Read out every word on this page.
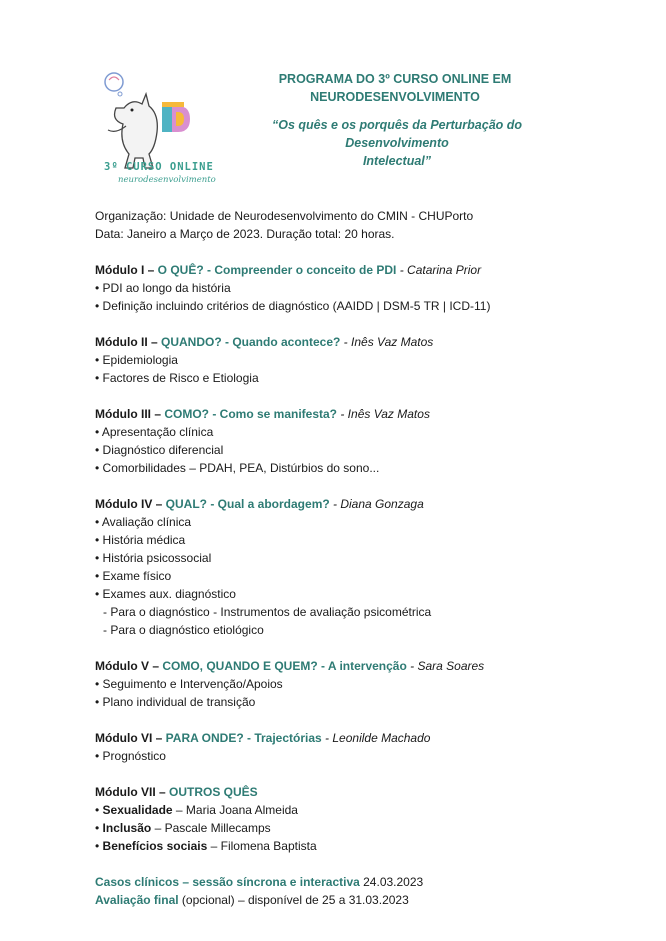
3º CURSO ONLINE
neurodesenvolvimento
PROGRAMA DO 3º CURSO ONLINE EM
NEURODESENVOLVIMENTO
“Os quês e os porquês da Perturbação do Desenvolvimento
Intelectual”

Organização: Unidade de Neurodesenvolvimento do CMIN - CHUPorto

Data: Janeiro a Março de 2023. Duração total: 20 horas.

Módulo I – O QUÊ? - Compreender o conceito de PDI - Catarina Prior

• PDI ao longo da história

• Definição incluindo critérios de diagnóstico (AAIDD | DSM-5 TR | ICD-11)

Módulo II – QUANDO? - Quando acontece? - Inês Vaz Matos

• Epidemiologia

• Factores de Risco e Etiologia

Módulo III – COMO? - Como se manifesta? - Inês Vaz Matos

• Apresentação clínica

• Diagnóstico diferencial

• Comorbilidades – PDAH, PEA, Distúrbios do sono...

Módulo IV – QUAL? - Qual a abordagem? - Diana Gonzaga

• Avaliação clínica

• História médica

• História psicossocial

• Exame físico

• Exames aux. diagnóstico

- Para o diagnóstico - Instrumentos de avaliação psicométrica

- Para o diagnóstico etiológico

Módulo V – COMO, QUANDO E QUEM? - A intervenção - Sara Soares

• Seguimento e Intervenção/Apoios

• Plano individual de transição

Módulo VI – PARA ONDE? - Trajectórias - Leonilde Machado

• Prognóstico

Módulo VII – OUTROS QUÊS

• Sexualidade – Maria Joana Almeida

• Inclusão – Pascale Millecamps

• Benefícios sociais – Filomena Baptista

Casos clínicos – sessão síncrona e interactiva 24.03.2023

Avaliação final (opcional) – disponível de 25 a 31.03.2023
